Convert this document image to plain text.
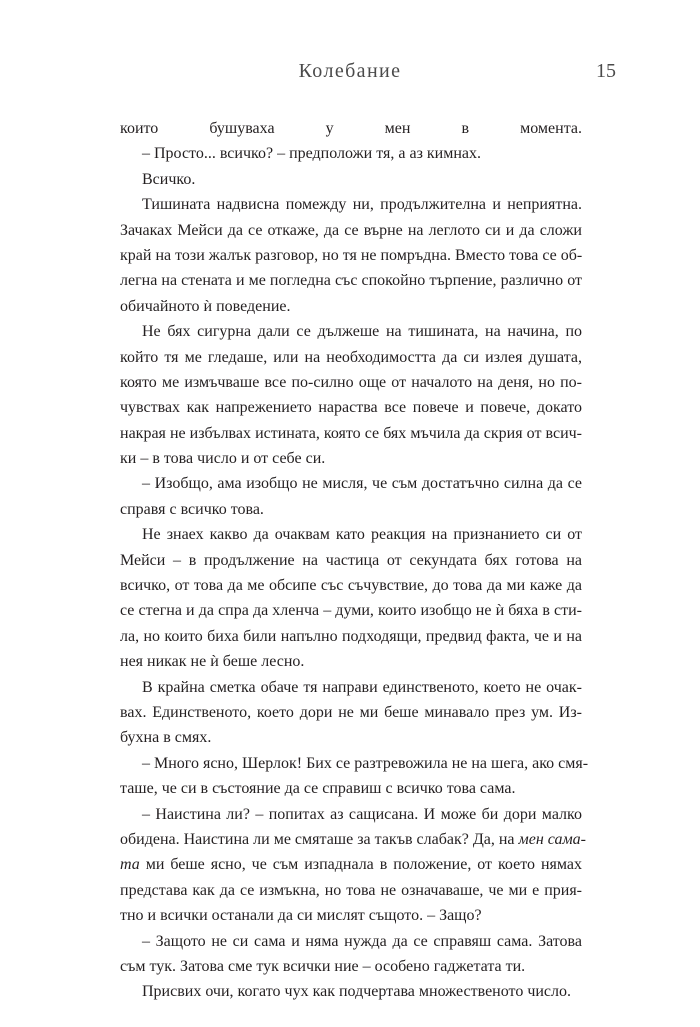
Колебание	15
които бушуваха у мен в момента.
– Просто... всичко? – предположи тя, а аз кимнах.
Всичко.
Тишината надвисна помежду ни, продължителна и неприятна.
Зачаках Мейси да се откаже, да се върне на леглото си и да сложи
край на този жалък разговор, но тя не помръдна. Вместо това се об-
легна на стената и ме погледна със спокойно търпение, различно от
обичайното ѝ поведение.
Не бях сигурна дали се дължеше на тишината, на начина, по
който тя ме гледаше, или на необходимостта да си излея душата,
която ме измъчваше все по-силно още от началото на деня, но по-
чувствах как напрежението нараства все повече и повече, докато
накрая не избълвах истината, която се бях мъчила да скрия от всич-
ки – в това число и от себе си.
– Изобщо, ама изобщо не мисля, че съм достатъчно силна да се
справя с всичко това.
Не знаех какво да очаквам като реакция на признанието си от
Мейси – в продължение на частица от секундата бях готова на
всичко, от това да ме обсипе със съчувствие, до това да ми каже да
се стегна и да спра да хленча – думи, които изобщо не ѝ бяха в сти-
ла, но които биха били напълно подходящи, предвид факта, че и на
нея никак не ѝ беше лесно.
В крайна сметка обаче тя направи единственото, което не очак-
вах. Единственото, което дори не ми беше минавало през ум. Из-
бухна в смях.
– Много ясно, Шерлок! Бих се разтревожила не на шега, ако смя-
таше, че си в състояние да се справиш с всичко това сама.
– Наистина ли? – попитах аз сащисана. И може би дори малко
обидена. Наистина ли ме смяташе за такъв слабак? Да, на мен сама-
та ми беше ясно, че съм изпаднала в положение, от което нямах
представа как да се измъкна, но това не означаваше, че ми е прия-
тно и всички останали да си мислят същото. – Защо?
– Защото не си сама и няма нужда да се справяш сама. Затова
съм тук. Затова сме тук всички ние – особено гаджетата ти.
Присвих очи, когато чух как подчертава множественото число.
